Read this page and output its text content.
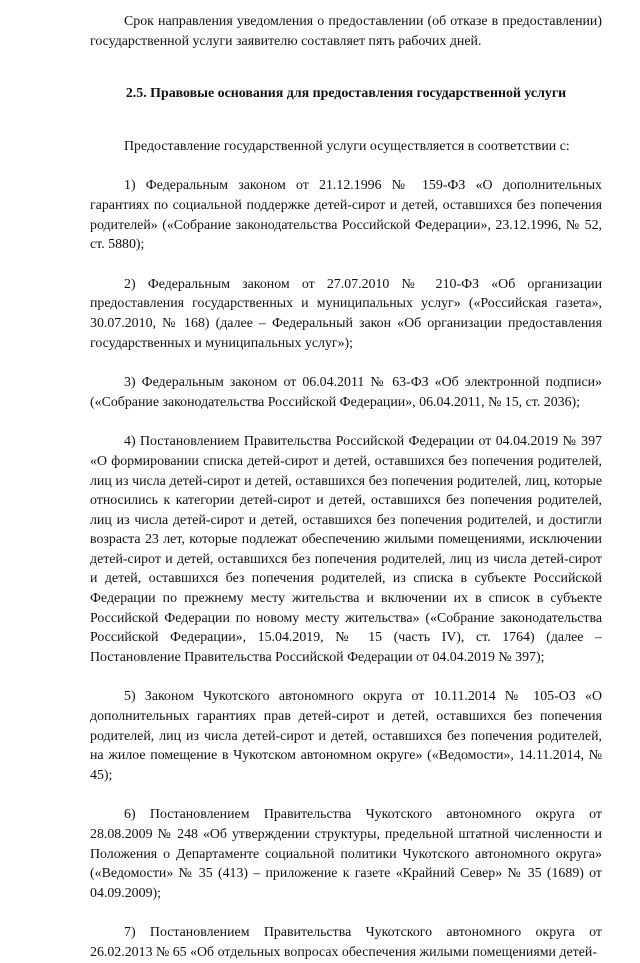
Срок направления уведомления о предоставлении (об отказе в предоставлении) государственной услуги заявителю составляет пять рабочих дней.

2.5. Правовые основания для предоставления государственной услуги

Предоставление государственной услуги осуществляется в соответствии с:

1) Федеральным законом от 21.12.1996 № 159-ФЗ «О дополнительных гарантиях по социальной поддержке детей-сирот и детей, оставшихся без попечения родителей» («Собрание законодательства Российской Федерации», 23.12.1996, № 52, ст. 5880);

2) Федеральным законом от 27.07.2010 № 210-ФЗ «Об организации предоставления государственных и муниципальных услуг» («Российская газета», 30.07.2010, № 168) (далее – Федеральный закон «Об организации предоставления государственных и муниципальных услуг»);

3) Федеральным законом от 06.04.2011 № 63-ФЗ «Об электронной подписи» («Собрание законодательства Российской Федерации», 06.04.2011, № 15, ст. 2036);

4) Постановлением Правительства Российской Федерации от 04.04.2019 № 397 «О формировании списка детей-сирот и детей, оставшихся без попечения родителей, лиц из числа детей-сирот и детей, оставшихся без попечения родителей, лиц, которые относились к категории детей-сирот и детей, оставшихся без попечения родителей, лиц из числа детей-сирот и детей, оставшихся без попечения родителей, и достигли возраста 23 лет, которые подлежат обеспечению жилыми помещениями, исключении детей-сирот и детей, оставшихся без попечения родителей, лиц из числа детей-сирот и детей, оставшихся без попечения родителей, из списка в субъекте Российской Федерации по прежнему месту жительства и включении их в список в субъекте Российской Федерации по новому месту жительства» («Собрание законодательства Российской Федерации», 15.04.2019, № 15 (часть IV), ст. 1764) (далее – Постановление Правительства Российской Федерации от 04.04.2019 № 397);

5) Законом Чукотского автономного округа от 10.11.2014 № 105-ОЗ «О дополнительных гарантиях прав детей-сирот и детей, оставшихся без попечения родителей, лиц из числа детей-сирот и детей, оставшихся без попечения родителей, на жилое помещение в Чукотском автономном округе» («Ведомости», 14.11.2014, № 45);

6) Постановлением Правительства Чукотского автономного округа от 28.08.2009 № 248 «Об утверждении структуры, предельной штатной численности и Положения о Департаменте социальной политики Чукотского автономного округа» («Ведомости» № 35 (413) – приложение к газете «Крайний Север» № 35 (1689) от 04.09.2009);

7) Постановлением Правительства Чукотского автономного округа от 26.02.2013 № 65 «Об отдельных вопросах обеспечения жилыми помещениями детей-
